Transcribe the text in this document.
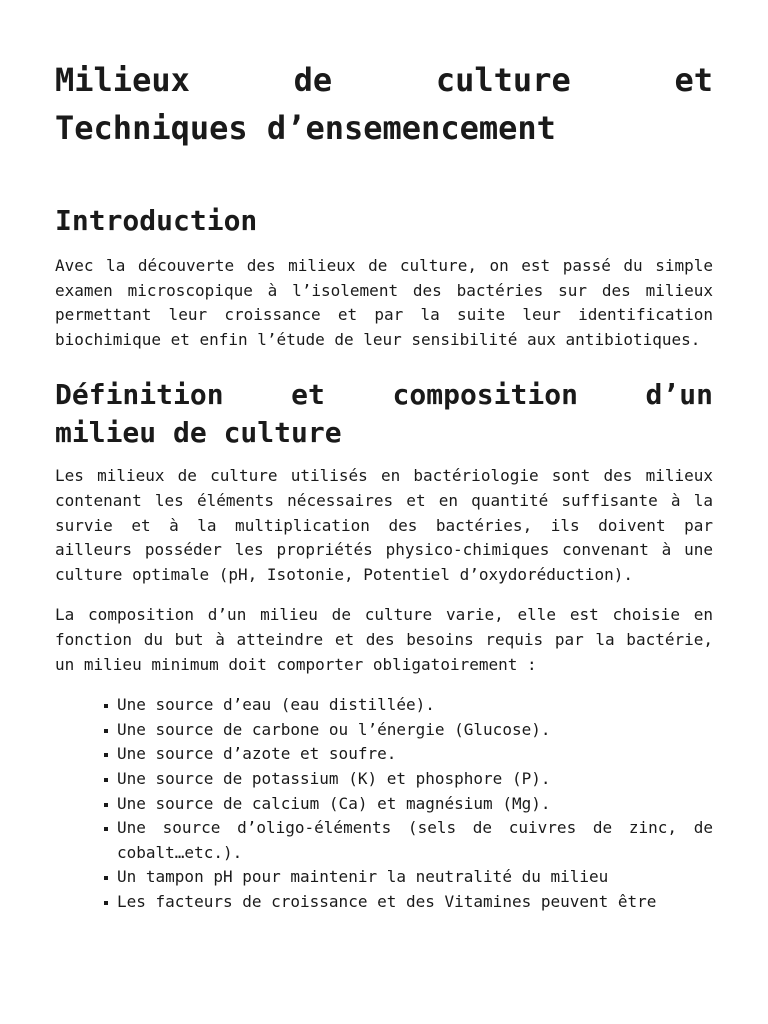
Milieux de culture et
Techniques d’ensemencement
Introduction

Avec la découverte des milieux de culture, on est passé du simple examen microscopique à l’isolement des bactéries sur des milieux permettant leur croissance et par la suite leur identification biochimique et enfin l’étude de leur sensibilité aux antibiotiques.

Définition et composition d’un
milieu de culture

Les milieux de culture utilisés en bactériologie sont des milieux contenant les éléments nécessaires et en quantité suffisante à la survie et à la multiplication des bactéries, ils doivent par ailleurs posséder les propriétés physico-chimiques convenant à une culture optimale (pH, Isotonie, Potentiel d’oxydoréduction).

La composition d’un milieu de culture varie, elle est choisie en fonction du but à atteindre et des besoins requis par la bactérie, un milieu minimum doit comporter obligatoirement :

Une source d’eau (eau distillée).
Une source de carbone ou l’énergie (Glucose).
Une source d’azote et soufre.
Une source de potassium (K) et phosphore (P).
Une source de calcium (Ca) et magnésium (Mg).
Une source d’oligo-éléments (sels de cuivres de zinc, de cobalt…etc.).
Un tampon pH pour maintenir la neutralité du milieu
Les facteurs de croissance et des Vitamines peuvent être
